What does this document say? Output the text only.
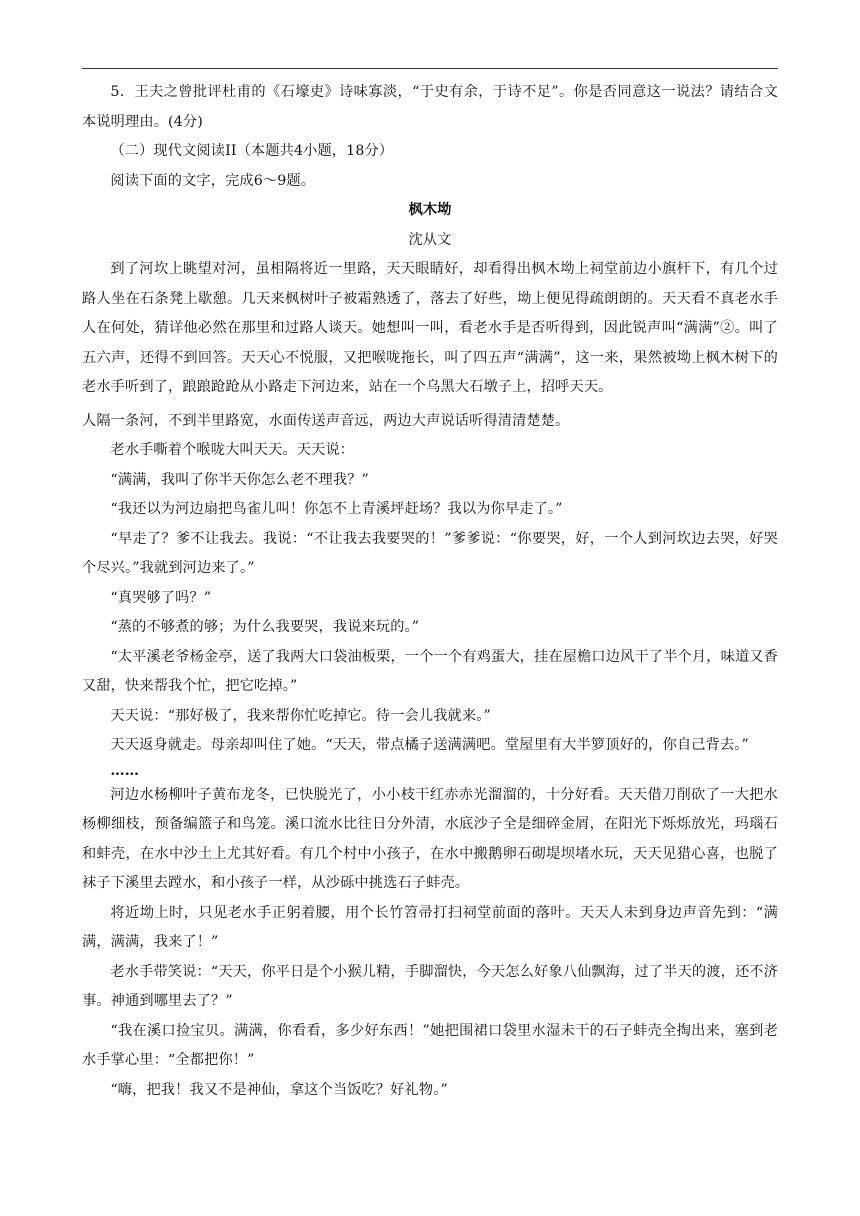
5．王夫之曾批评杜甫的《石壕吏》诗味寡淡，“于史有余，于诗不足”。你是否同意这一说法？请结合文本说明理由。(4分)

（二）现代文阅读II（本题共4小题，18分）

阅读下面的文字，完成6～9题。

枫木坳

沈从文

到了河坎上眺望对河，虽相隔将近一里路，天天眼睛好，却看得出枫木坳上祠堂前边小旗杆下，有几个过路人坐在石条凳上歇憩。几天来枫树叶子被霜熟透了，落去了好些，坳上便见得疏朗朗的。天天看不真老水手人在何处，猜详他必然在那里和过路人谈天。她想叫一叫，看老水手是否听得到，因此锐声叫“满满”②。叫了五六声，还得不到回答。天天心不悦服，又把喉咙拖长，叫了四五声“满满”，这一来，果然被坳上枫木树下的老水手听到了，踉踉跄跄从小路走下河边来，站在一个乌黑大石墩子上，招呼天天。

人隔一条河，不到半里路宽，水面传送声音远，两边大声说话听得清清楚楚。

老水手嘶着个喉咙大叫天天。天天说：

“满满，我叫了你半天你怎么老不理我？”

“我还以为河边扇把鸟雀儿叫！你怎不上青溪坪赶场？我以为你早走了。”

“早走了？爹不让我去。我说：“不让我去我要哭的！”爹爹说：“你要哭，好，一个人到河坎边去哭，好哭个尽兴。”我就到河边来了。”

“真哭够了吗？”

“蒸的不够煮的够；为什么我要哭，我说来玩的。”

“太平溪老爷杨金亭，送了我两大口袋油板栗，一个一个有鸡蛋大，挂在屋檐口边风干了半个月，味道又香又甜，快来帮我个忙，把它吃掉。”

天天说：“那好极了，我来帮你忙吃掉它。待一会儿我就来。”

天天返身就走。母亲却叫住了她。“天天，带点橘子送满满吧。堂屋里有大半箩顶好的，你自己背去。”

……

河边水杨柳叶子黄布龙冬，已快脱光了，小小枝干红赤赤光溜溜的，十分好看。天天借刀削砍了一大把水杨柳细枝，预备编篮子和鸟笼。溪口流水比往日分外清，水底沙子全是细碎金屑，在阳光下烁烁放光，玛瑙石和蚌壳，在水中沙土上尤其好看。有几个村中小孩子，在水中搬鹅卵石砌堤坝堵水玩，天天见猎心喜，也脱了袜子下溪里去蹚水，和小孩子一样，从沙砾中挑选石子蚌壳。

将近坳上时，只见老水手正躬着腰，用个长竹笤帚打扫祠堂前面的落叶。天天人未到身边声音先到：“满满，满满，我来了！”

老水手带笑说：“天天，你平日是个小猴儿精，手脚溜快，今天怎么好象八仙飘海，过了半天的渡，还不济事。神通到哪里去了？”

“我在溪口捡宝贝。满满，你看看，多少好东西！”她把围裙口袋里水湿未干的石子蚌壳全掏出来，塞到老水手掌心里：“全都把你！”

“嗨，把我！我又不是神仙，拿这个当饭吃？好礼物。”
